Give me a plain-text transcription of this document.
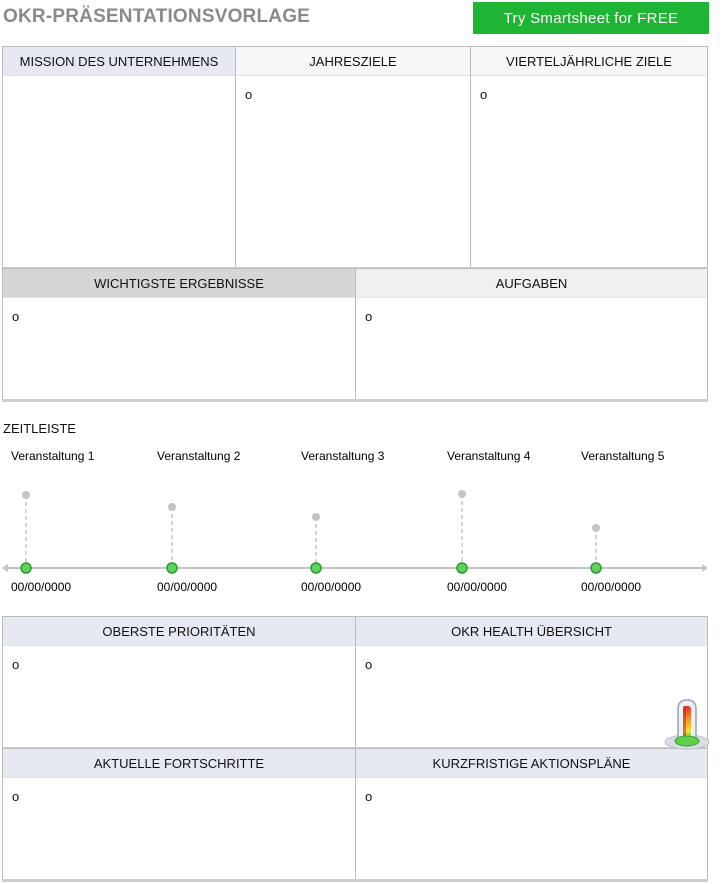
OKR-PRÄSENTATIONSVORLAGE	Try Smartsheet for FREE
MISSION DES UNTERNEHMENS	JAHRESZIELE
o
VIERTELJÄHRLICHE ZIELE
o
WICHTIGSTE ERGEBNISSE
o
AUFGABEN
o
ZEITLEISTE
Veranstaltung 1
00/00/0000
Veranstaltung 2
00/00/0000
Veranstaltung 3
00/00/0000
Veranstaltung 4
00/00/0000
Veranstaltung 5
00/00/0000
OBERSTE PRIORITÄTEN
o
OKR HEALTH ÜBERSICHT
o
AKTUELLE FORTSCHRITTE
o
KURZFRISTIGE AKTIONSPLÄNE
o
